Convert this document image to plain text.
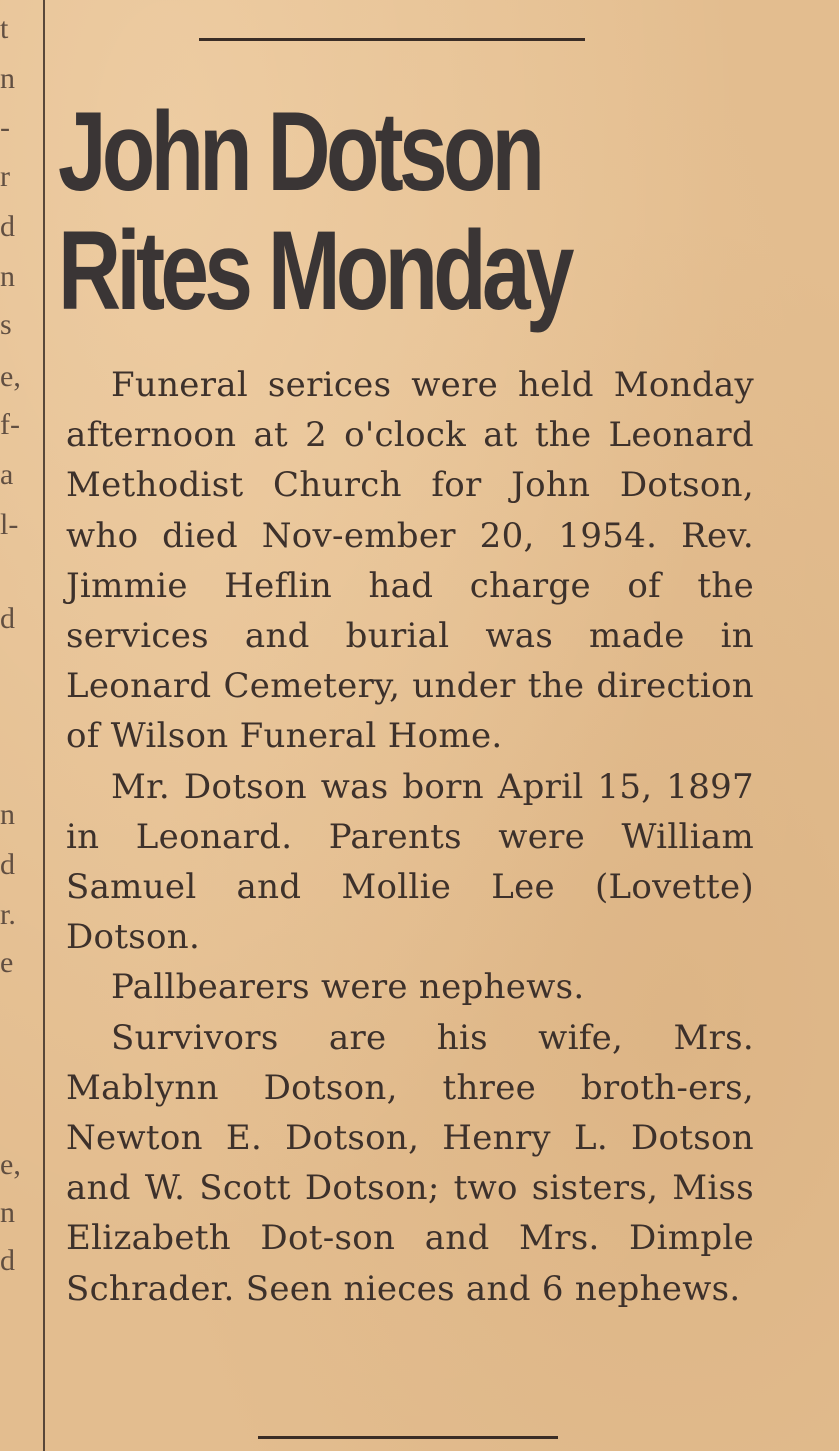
t
n
-
r
d
n
s
e,
f-
a
l-
d
n
d
r.
e
e,
n
d
John Dotson
Rites Monday

Funeral serices were held Monday afternoon at 2 o'clock at the Leonard Methodist Church for John Dotson, who died Nov-ember 20, 1954. Rev. Jimmie Heflin had charge of the services and burial was made in Leonard Cemetery, under the direction of Wilson Funeral Home.

Mr. Dotson was born April 15, 1897 in Leonard. Parents were William Samuel and Mollie Lee (Lovette) Dotson.

Pallbearers were nephews.

Survivors are his wife, Mrs. Mablynn Dotson, three broth-ers, Newton E. Dotson, Henry L. Dotson and W. Scott Dotson; two sisters, Miss Elizabeth Dot-son and Mrs. Dimple Schrader. Seen nieces and 6 nephews.
